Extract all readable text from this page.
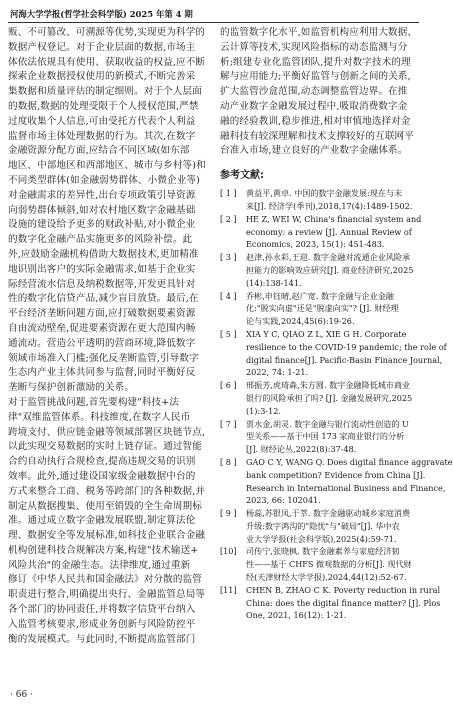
河海大学学报(哲学社会科学版) 2025 年第 4 期
贩、不可篡改、可溯源等优势,实现更为科学的
数据产权登记。对于企业层面的数据,市场主
体依法依规具有使用、获取收益的权益,应不断
探索企业数据授权使用的新模式,不断完善采
集数据和质量评估的制定细则。对于个人层面
的数据,数据的处理受限于个人授权范围,严禁
过度收集个人信息,可由受托方代表个人利益
监督市场主体处理数据的行为。其次,在数字
金融资源分配方面,应结合不同区域(如东部
地区、中部地区和西部地区、城市与乡村等)和
不同类型群体(如金融弱势群体、小微企业等)
对金融需求的差异性,出台专项政策引导资源
向弱势群体倾斜,如对农村地区数字金融基础
设施的建设给予更多的财政补贴,对小微企业
的数字化金融产品实施更多的风险补偿。此
外,应鼓励金融机构借助大数据技术,更加精准
地识别出客户的实际金融需求,如基于企业实
际经营流水信息及纳税数据等,开发更具针对
性的数字化信贷产品,减少盲目放贷。最后,在
平台经济垄断问题方面,应打破数据要素资源
自由流动壁垒,促进要素资源在更大范围内畅
通流动。营造公平透明的营商环境,降低数字
领域市场准入门槛;强化反垄断监管,引导数字
生态内产业主体共同参与监督,同时平衡好反
垄断与保护创新激励的关系。
对于监管挑战问题,首先要构建"科技+法
律"双维监管体系。科技维度,在数字人民币
跨境支付、供应链金融等领域部署区块链节点,
以此实现交易数据的实时上链存证。通过智能
合约自动执行合规检查,提高违规交易的识别
效率。此外,通过建设国家级金融数据中台的
方式来整合工商、税务等跨部门的各种数据,并
制定从数据搜集、使用至销毁的全生命周期标
准。通过成立数字金融发展联盟,制定算法伦
理、数据安全等发展标准,如科技企业联合金融
机构创建科技合规解决方案,构建"技术输送+
风险共治"的金融生态。法律维度,通过重新
修订《中华人民共和国金融法》对分散的监管
职责进行整合,明确提出央行、金融监管总局等
各个部门的协同责任,并将数字信贷平台纳入
入监管考核要求,形成业务创新与风险防控平
衡的发展模式。与此同时,不断提高监管部门
的监管数字化水平,如监管机构应利用大数据、
云计算等技术,实现风险指标的动态监测与分
析;组建专业化监管团队,提升对数字技术的理
解与应用能力;平衡好监管与创新之间的关系,
扩大监管沙盒范围,动态调整监管边界。在推
动产业数字金融发展过程中,吸取消费数字金
融的经验教训,稳步推进,相对审慎地选择对金
融科技有较深理解和技术支撑较好的互联网平
台准入市场,建立良好的产业数字金融体系。
参考文献:
[ 1 ] 黄益平,黄卓. 中国的数字金融发展:现在与未
来[J]. 经济学(季刊),2018,17(4):1489-1502.
[ 2 ] HE Z, WEI W, China's financial system and
economy: a review [J]. Annual Review of
Economics, 2023, 15(1): 451-483.
[ 3 ] 赵津,孙永彩,王迎. 数字金融对流通企业风险承
担能力的影响效应研究[J]. 商业经济研究,2025
(14):138-141.
[ 4 ] 乔彬,申钰晴,赵广宽. 数字金融与企业金融
化:"脱实向虚"还是"脱虚向实"? [J]. 财经理
论与实践,2024,45(6):19-26.
[ 5 ] XIA Y C, QIAO Z L, XIE G H. Corporate
resilience to the COVID-19 pandemic; the role of
digital finance[J]. Pacific-Basin Finance Journal,
2022, 74: 1-21.
[ 6 ] 邢振芳,虎琦森,朱方圆. 数字金融降低城市商业
银行的风险承担了吗? [J]. 金融发展研究,2025
(1):3-12.
[ 7 ] 贾水金,胡灵. 数字金融与银行流动性创造的 U
型关系——基于中国 173 家商业银行的分析
[J]. 财经论丛,2022(8):37-48.
[ 8 ] GAO C Y, WANG Q. Does digital finance aggravate
bank competition? Evidence from China [J].
Research in International Business and Finance,
2023, 66: 102041.
[ 9 ] 杨蕊,苏银凤,于莘. 数字金融驱动城乡家庭消费
升级:数字鸿沟的"隐忧"与"破局"[J]. 华中农
业大学学报(社会科学版),2025(4):59-71.
[10] 司传宁,张晓枫. 数字金融素养与家庭经济韧
性——基于 CHFS 微观数据的分析[J]. 现代财
经(天津财经大学学报),2024,44(12):52-67.
[11] CHEN B, ZHAO C K. Poverty reduction in rural
China: does the digital finance matter? [J]. Plos
One, 2021, 16(12): 1-21.
· 66 ·
